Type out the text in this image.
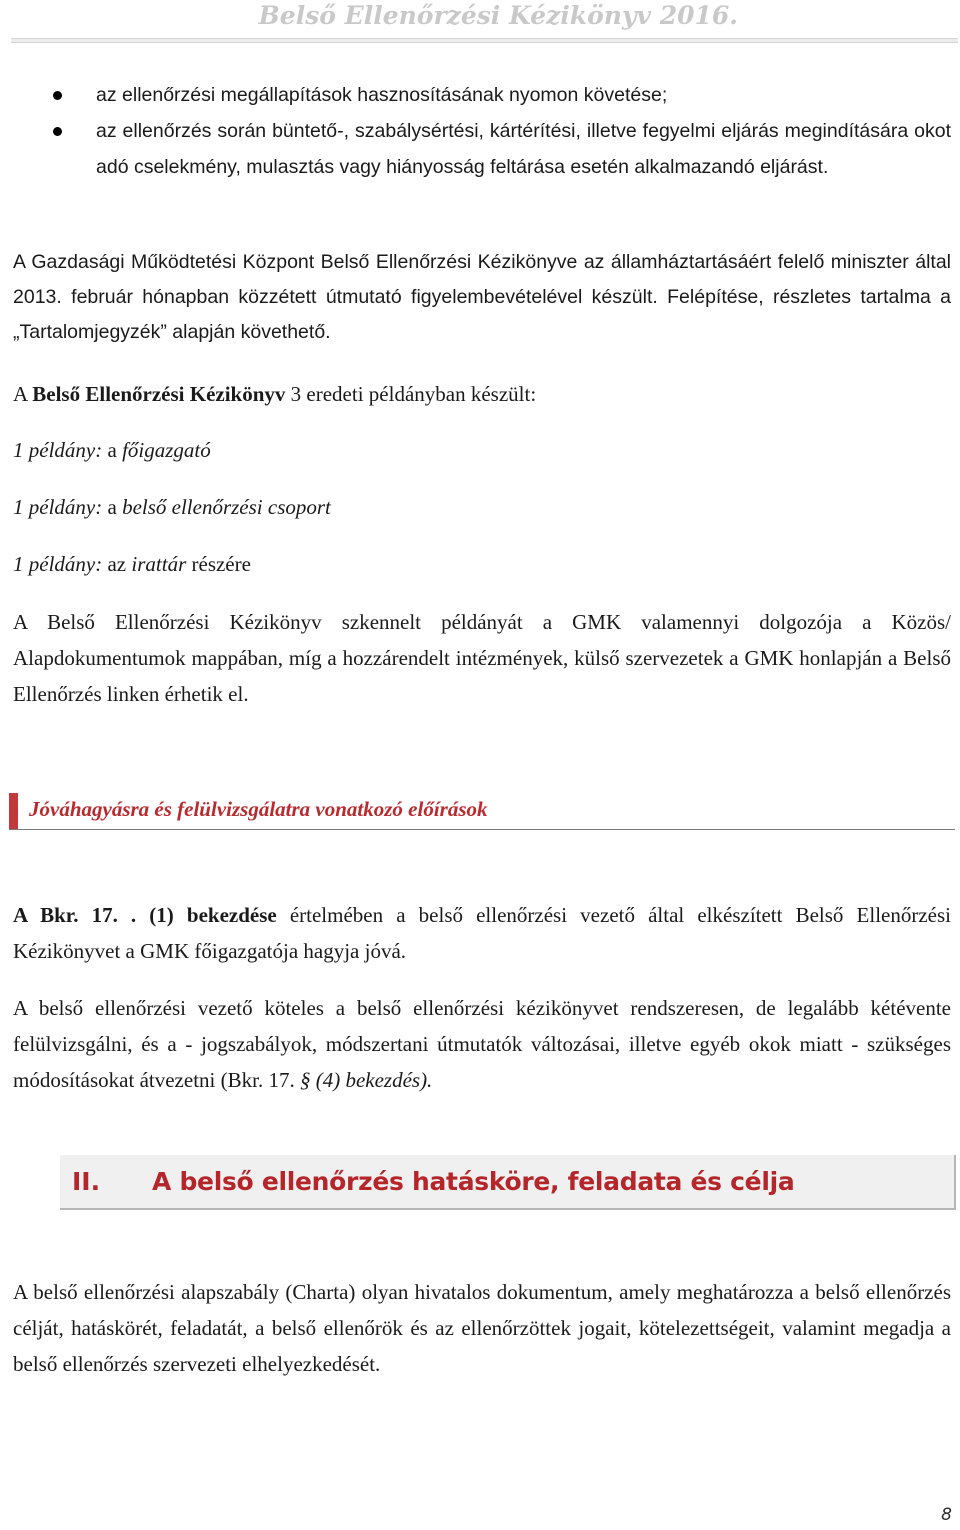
Belső Ellenőrzési Kézikönyv 2016.
az ellenőrzési megállapítások hasznosításának nyomon követése;
az ellenőrzés során büntető-, szabálysértési, kártérítési, illetve fegyelmi eljárás megindítására okot adó cselekmény, mulasztás vagy hiányosság feltárása esetén alkalmazandó eljárást.
A Gazdasági Működtetési Központ Belső Ellenőrzési Kézikönyve az államháztartásáért felelő miniszter által 2013. február hónapban közzétett útmutató figyelembevételével készült. Felépítése, részletes tartalma a „Tartalomjegyzék” alapján követhető.
A Belső Ellenőrzési Kézikönyv 3 eredeti példányban készült:
1 példány: a főigazgató
1 példány: a belső ellenőrzési csoport
1 példány: az irattár részére
A Belső Ellenőrzési Kézikönyv szkennelt példányát a GMK valamennyi dolgozója a Közös/ Alapdokumentumok mappában, míg a hozzárendelt intézmények, külső szervezetek a GMK honlapján a Belső Ellenőrzés linken érhetik el.
Jóváhagyásra és felülvizsgálatra vonatkozó előírások
A Bkr. 17. . (1) bekezdése értelmében a belső ellenőrzési vezető által elkészített Belső Ellenőrzési Kézikönyvet a GMK főigazgatója hagyja jóvá.
A belső ellenőrzési vezető köteles a belső ellenőrzési kézikönyvet rendszeresen, de legalább kétévente felülvizsgálni, és a - jogszabályok, módszertani útmutatók változásai, illetve egyéb okok miatt - szükséges módosításokat átvezetni (Bkr. 17. § (4) bekezdés).
II. A belső ellenőrzés hatásköre, feladata és célja
A belső ellenőrzési alapszabály (Charta) olyan hivatalos dokumentum, amely meghatározza a belső ellenőrzés célját, hatáskörét, feladatát, a belső ellenőrök és az ellenőrzöttek jogait, kötelezettségeit, valamint megadja a belső ellenőrzés szervezeti elhelyezkedését.
8
